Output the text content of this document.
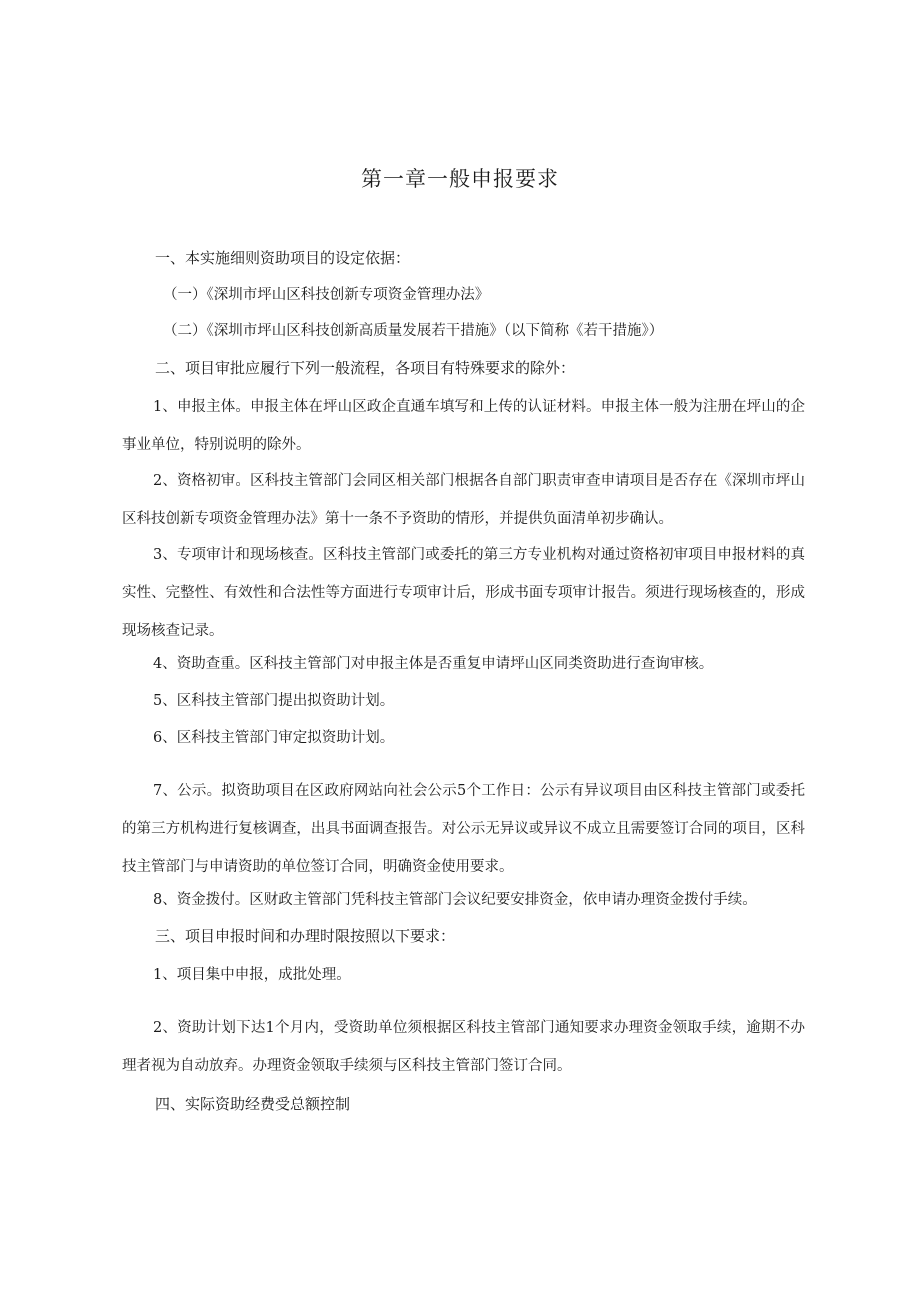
第一章一般申报要求
一、本实施细则资助项目的设定依据：
（一）《深圳市坪山区科技创新专项资金管理办法》
（二）《深圳市坪山区科技创新高质量发展若干措施》（以下简称《若干措施》）
二、项目审批应履行下列一般流程，各项目有特殊要求的除外：
1、申报主体。申报主体在坪山区政企直通车填写和上传的认证材料。申报主体一般为注册在坪山的企事业单位，特别说明的除外。
2、资格初审。区科技主管部门会同区相关部门根据各自部门职责审查申请项目是否存在《深圳市坪山区科技创新专项资金管理办法》第十一条不予资助的情形，并提供负面清单初步确认。
3、专项审计和现场核查。区科技主管部门或委托的第三方专业机构对通过资格初审项目申报材料的真实性、完整性、有效性和合法性等方面进行专项审计后，形成书面专项审计报告。须进行现场核查的，形成现场核查记录。
4、资助查重。区科技主管部门对申报主体是否重复申请坪山区同类资助进行查询审核。
5、区科技主管部门提出拟资助计划。
6、区科技主管部门审定拟资助计划。
7、公示。拟资助项目在区政府网站向社会公示5个工作日：公示有异议项目由区科技主管部门或委托的第三方机构进行复核调查，出具书面调查报告。对公示无异议或异议不成立且需要签订合同的项目，区科技主管部门与申请资助的单位签订合同，明确资金使用要求。
8、资金拨付。区财政主管部门凭科技主管部门会议纪要安排资金，依申请办理资金拨付手续。
三、项目申报时间和办理时限按照以下要求：
1、项目集中申报，成批处理。
2、资助计划下达1个月内，受资助单位须根据区科技主管部门通知要求办理资金领取手续，逾期不办理者视为自动放弃。办理资金领取手续须与区科技主管部门签订合同。
四、实际资助经费受总额控制
